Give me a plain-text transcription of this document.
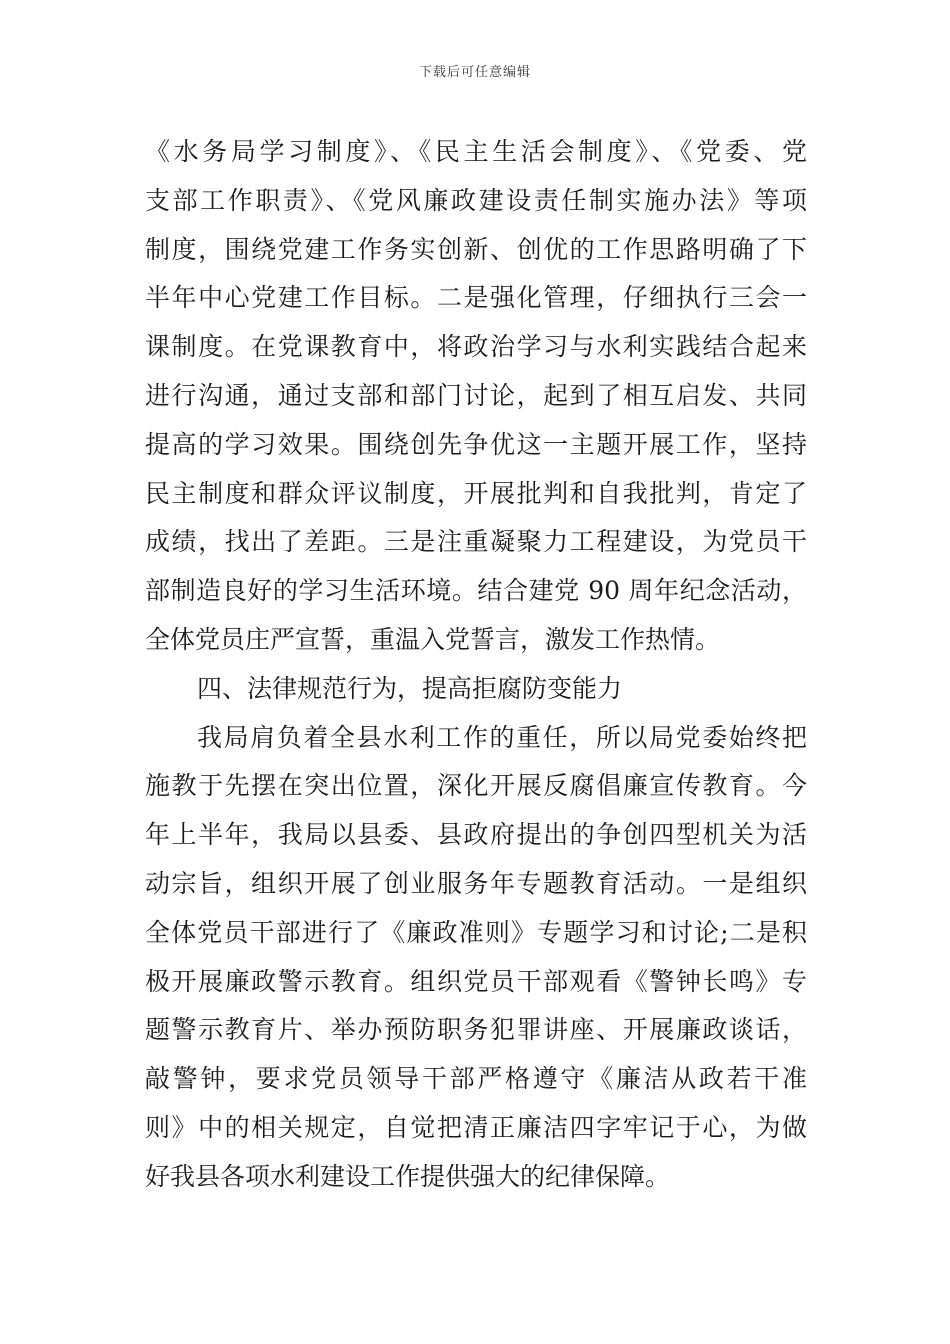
下载后可任意编辑
《水务局学习制度》、《民主生活会制度》、《党委、党
支部工作职责》、《党风廉政建设责任制实施办法》等项
制度，围绕党建工作务实创新、创优的工作思路明确了下
半年中心党建工作目标。二是强化管理，仔细执行三会一
课制度。在党课教育中，将政治学习与水利实践结合起来
进行沟通，通过支部和部门讨论，起到了相互启发、共同
提高的学习效果。围绕创先争优这一主题开展工作，坚持
民主制度和群众评议制度，开展批判和自我批判，肯定了
成绩，找出了差距。三是注重凝聚力工程建设，为党员干
部制造良好的学习生活环境。结合建党 90 周年纪念活动，
全体党员庄严宣誓，重温入党誓言，激发工作热情。
四、法律规范行为，提高拒腐防变能力
我局肩负着全县水利工作的重任，所以局党委始终把
施教于先摆在突出位置，深化开展反腐倡廉宣传教育。今
年上半年，我局以县委、县政府提出的争创四型机关为活
动宗旨，组织开展了创业服务年专题教育活动。一是组织
全体党员干部进行了《廉政准则》专题学习和讨论;二是积
极开展廉政警示教育。组织党员干部观看《警钟长鸣》专
题警示教育片、举办预防职务犯罪讲座、开展廉政谈话，
敲警钟，要求党员领导干部严格遵守《廉洁从政若干准
则》中的相关规定，自觉把清正廉洁四字牢记于心，为做
好我县各项水利建设工作提供强大的纪律保障。
